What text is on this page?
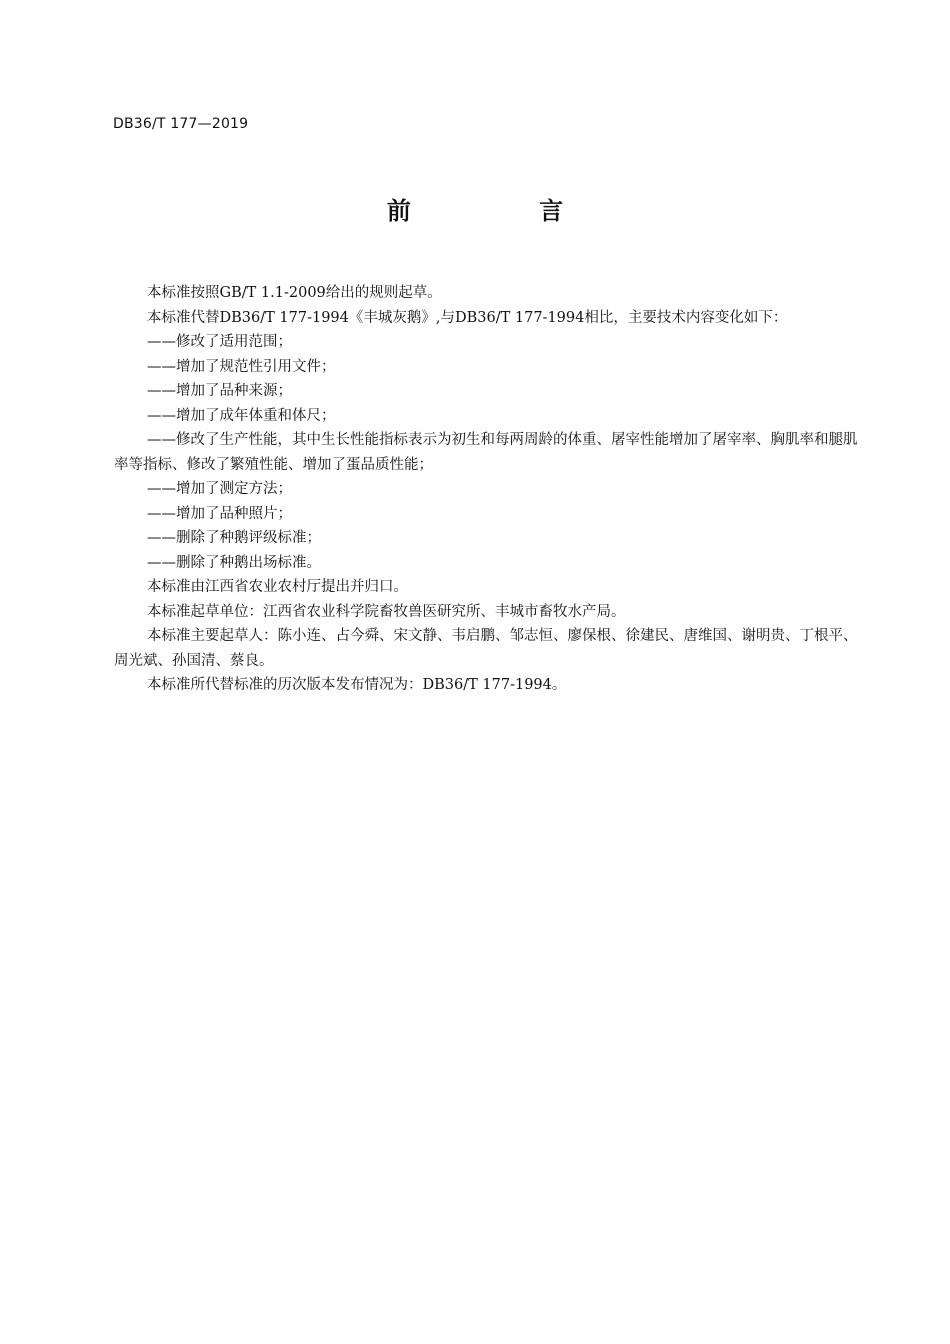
DB36/T 177—2019
前 言

本标准按照GB/T 1.1-2009给出的规则起草。

本标准代替DB36/T 177-1994《丰城灰鹅》,与DB36/T 177-1994相比，主要技术内容变化如下：

——修改了适用范围；

——增加了规范性引用文件；

——增加了品种来源；

——增加了成年体重和体尺；

——修改了生产性能，其中生长性能指标表示为初生和每两周龄的体重、屠宰性能增加了屠宰率、胸肌率和腿肌率等指标、修改了繁殖性能、增加了蛋品质性能；

——增加了测定方法；

——增加了品种照片；

——删除了种鹅评级标准；

——删除了种鹅出场标准。

本标准由江西省农业农村厅提出并归口。

本标准起草单位：江西省农业科学院畜牧兽医研究所、丰城市畜牧水产局。

本标准主要起草人：陈小连、占今舜、宋文静、韦启鹏、邹志恒、廖保根、徐建民、唐维国、谢明贵、丁根平、周光斌、孙国清、蔡良。

本标准所代替标准的历次版本发布情况为：DB36/T 177-1994。
